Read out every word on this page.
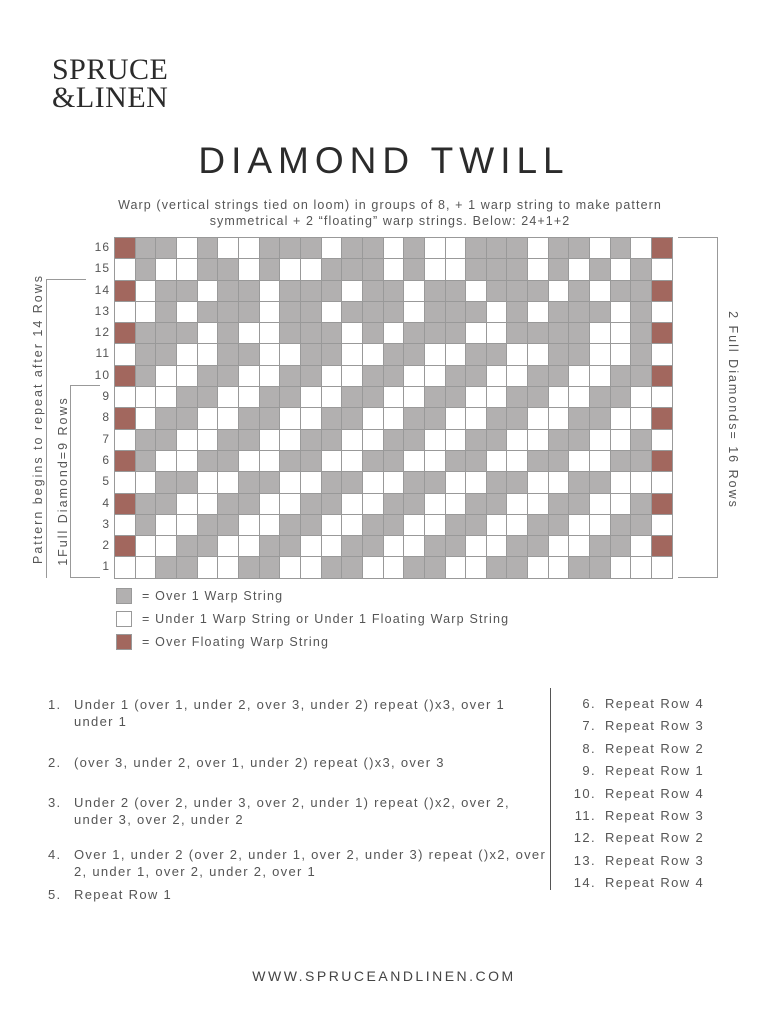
SPRUCE
&LINEN
DIAMOND TWILL
Warp (vertical strings tied on loom) in groups of 8, + 1 warp string to make pattern symmetrical + 2 “floating” warp strings. Below: 24+1+2
16
15
14
13
12
11
10
9
8
7
6
5
4
3
2
1
Pattern begins to repeat after 14 Rows 1Full Diamond=9 Rows	2 Full Diamonds= 16 Rows
= Over 1 Warp String
= Under 1 Warp String or Under 1 Floating Warp String
= Over Floating Warp String
1. Under 1 (over 1, under 2, over 3, under 2) repeat ()x3, over 1 under 1
2. (over 3, under 2, over 1, under 2) repeat ()x3, over 3
3. Under 2 (over 2, under 3, over 2, under 1) repeat ()x2, over 2, under 3, over 2, under 2
4. Over 1, under 2 (over 2, under 1, over 2, under 3) repeat ()x2, over 2, under 1, over 2, under 2, over 1
5. Repeat Row 1
6. Repeat Row 4
7. Repeat Row 3
8. Repeat Row 2
9. Repeat Row 1
10. Repeat Row 4
11. Repeat Row 3
12. Repeat Row 2
13. Repeat Row 3
14. Repeat Row 4
WWW.SPRUCEANDLINEN.COM
